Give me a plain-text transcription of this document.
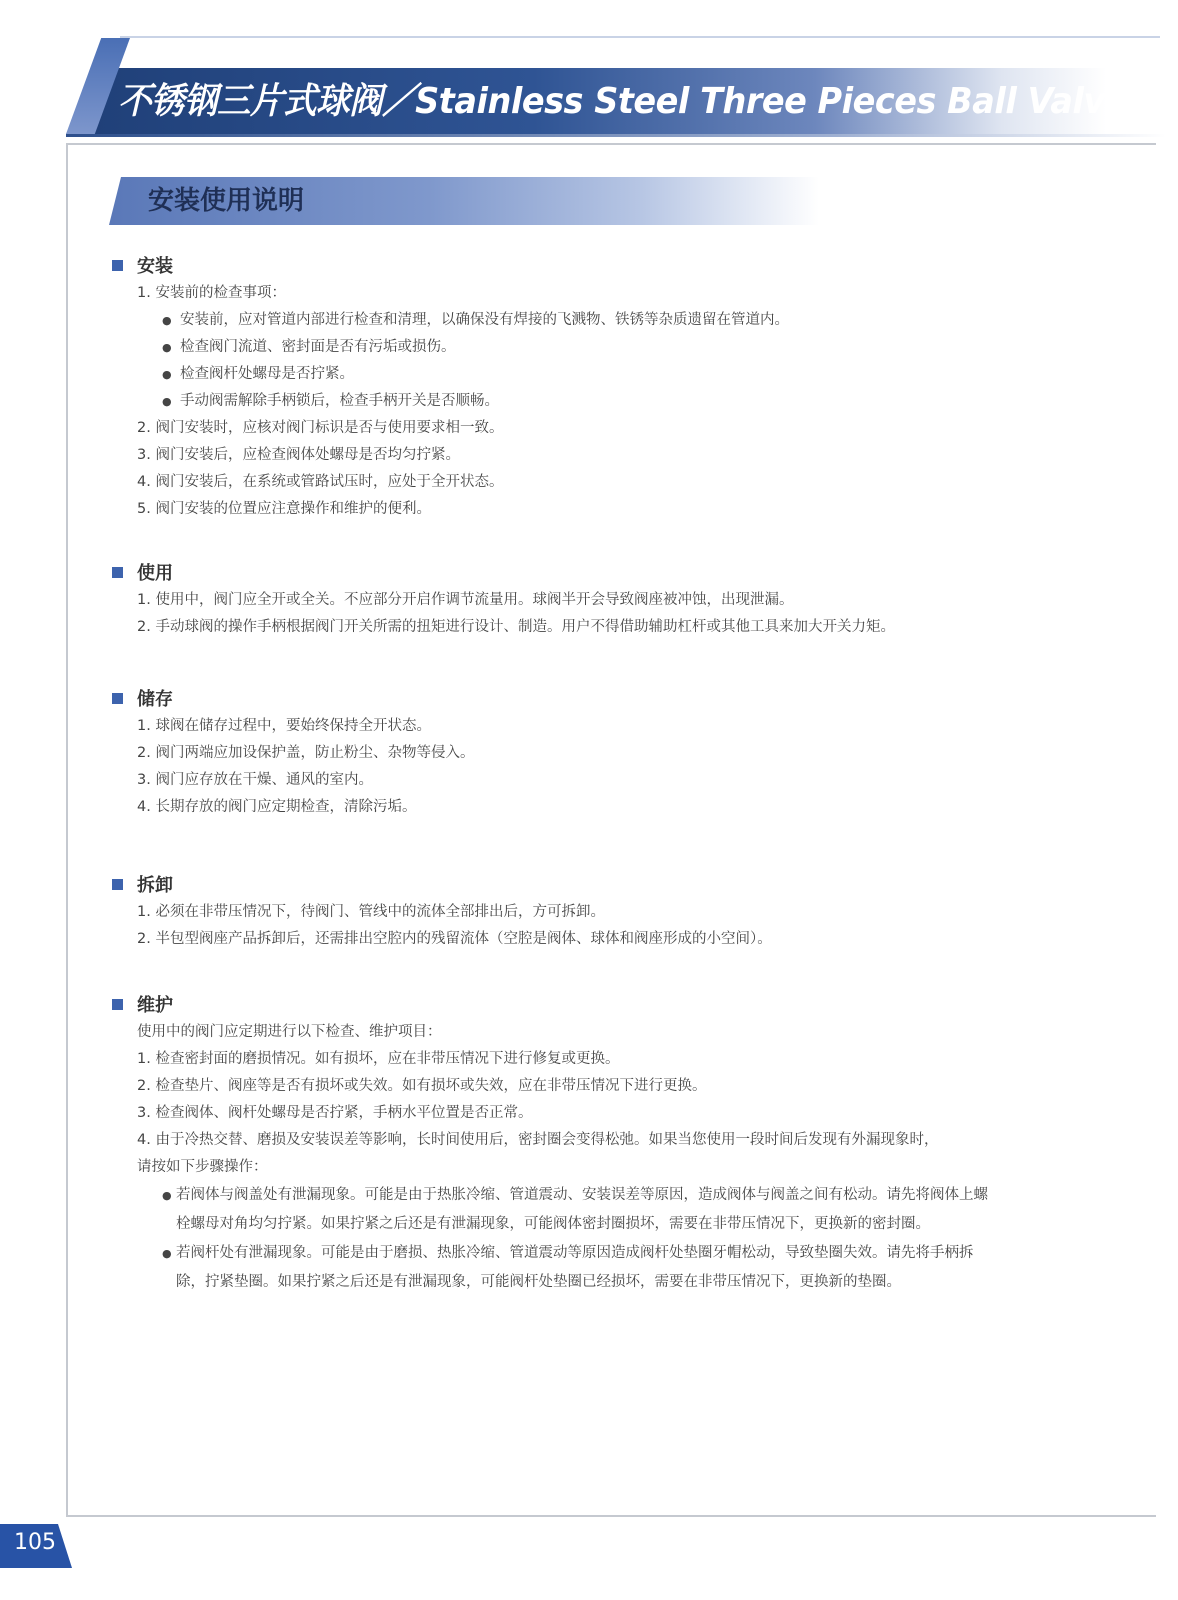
不锈钢三片式球阀／Stainless Steel Three Pieces Ball Valve
安装使用说明
安装
1. 安装前的检查事项：
● 安装前，应对管道内部进行检查和清理，以确保没有焊接的飞溅物、铁锈等杂质遗留在管道内。
● 检查阀门流道、密封面是否有污垢或损伤。
● 检查阀杆处螺母是否拧紧。
● 手动阀需解除手柄锁后，检查手柄开关是否顺畅。
2. 阀门安装时，应核对阀门标识是否与使用要求相一致。
3. 阀门安装后，应检查阀体处螺母是否均匀拧紧。
4. 阀门安装后，在系统或管路试压时，应处于全开状态。
5. 阀门安装的位置应注意操作和维护的便利。
使用
1. 使用中，阀门应全开或全关。不应部分开启作调节流量用。球阀半开会导致阀座被冲蚀，出现泄漏。
2. 手动球阀的操作手柄根据阀门开关所需的扭矩进行设计、制造。用户不得借助辅助杠杆或其他工具来加大开关力矩。
储存
1. 球阀在储存过程中，要始终保持全开状态。
2. 阀门两端应加设保护盖，防止粉尘、杂物等侵入。
3. 阀门应存放在干燥、通风的室内。
4. 长期存放的阀门应定期检查，清除污垢。
拆卸
1. 必须在非带压情况下，待阀门、管线中的流体全部排出后，方可拆卸。
2. 半包型阀座产品拆卸后，还需排出空腔内的残留流体（空腔是阀体、球体和阀座形成的小空间）。
维护
使用中的阀门应定期进行以下检查、维护项目：
1. 检查密封面的磨损情况。如有损坏，应在非带压情况下进行修复或更换。
2. 检查垫片、阀座等是否有损坏或失效。如有损坏或失效，应在非带压情况下进行更换。
3. 检查阀体、阀杆处螺母是否拧紧，手柄水平位置是否正常。
4. 由于冷热交替、磨损及安装误差等影响，长时间使用后，密封圈会变得松弛。如果当您使用一段时间后发现有外漏现象时，
请按如下步骤操作：
● 若阀体与阀盖处有泄漏现象。可能是由于热胀冷缩、管道震动、安装误差等原因，造成阀体与阀盖之间有松动。请先将阀体上螺栓螺母对角均匀拧紧。如果拧紧之后还是有泄漏现象，可能阀体密封圈损坏，需要在非带压情况下，更换新的密封圈。
● 若阀杆处有泄漏现象。可能是由于磨损、热胀冷缩、管道震动等原因造成阀杆处垫圈牙帽松动，导致垫圈失效。请先将手柄拆除，拧紧垫圈。如果拧紧之后还是有泄漏现象，可能阀杆处垫圈已经损坏，需要在非带压情况下，更换新的垫圈。
105
